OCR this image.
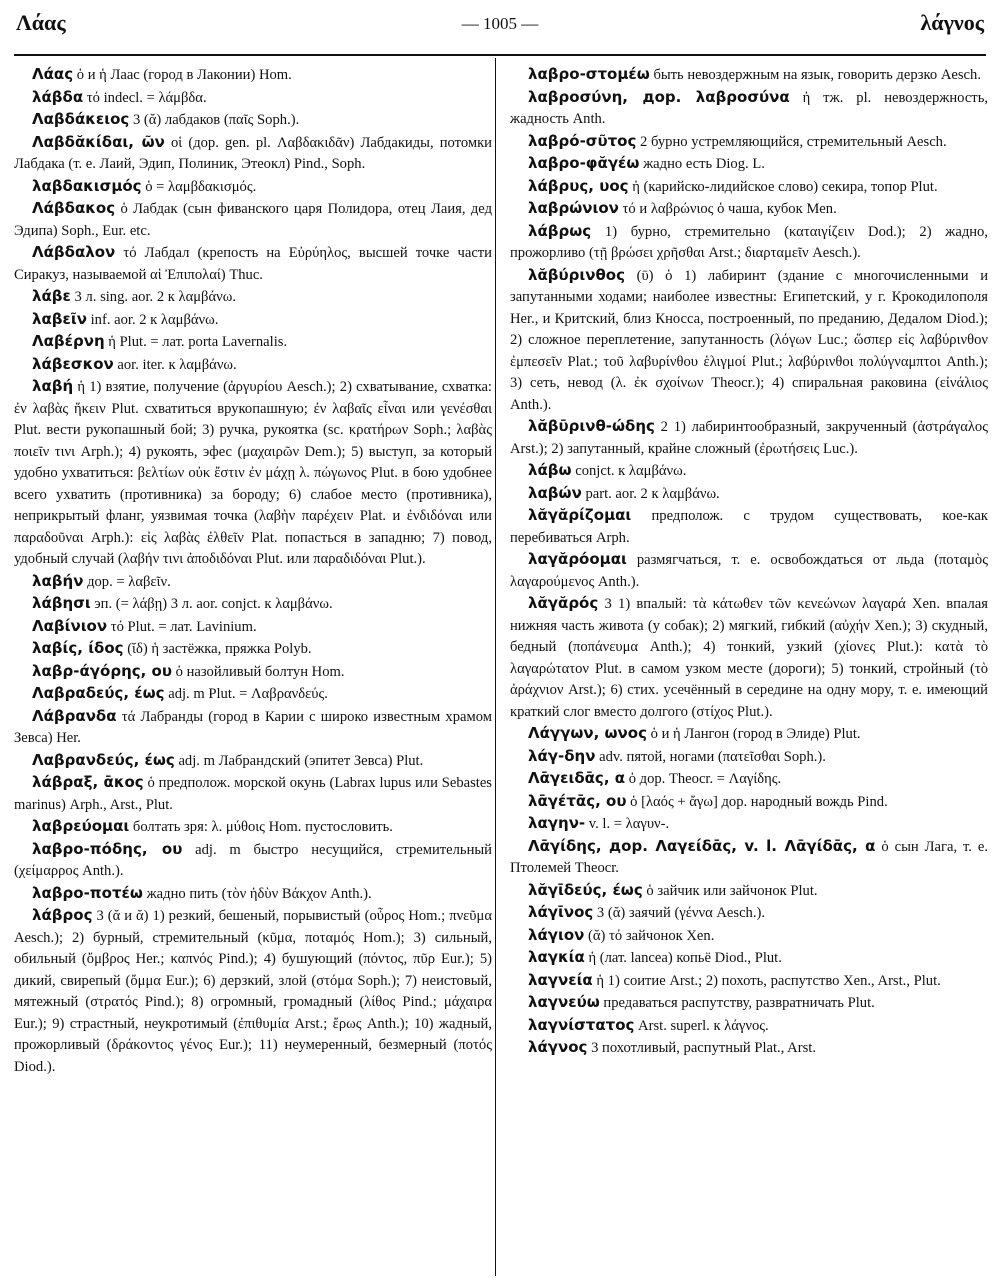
Λάας	— 1005 —	λάγνος

Λάας ὁ и ἡ Лаас (город в Лаконии) Hom.

λάβδα τό indecl. = λάμβδα.

Λαβδάκειος 3 (ᾰ) лабдаков (παῖς Soph.).

Λαβδᾰκίδαι, ῶν οἱ (дор. gen. pl. Λαβδακιδᾶν) Лабдакиды, потомки Лабдака (т. е. Лаий, Эдип, Полиник, Этеокл) Pind., Soph.

λαβδακισμός ὁ = λαμβδακισμός.

Λάβδακος ὁ Лабдак (сын фиванского царя Полидора, отец Лаия, дед Эдипа) Soph., Eur. etc.

Λάβδαλον τό Лабдал (крепость на Εὐρύηλος, высшей точке части Сиракуз, называемой αἱ Ἐπιπολαί) Thuc.

λάβε 3 л. sing. aor. 2 к λαμβάνω.

λαβεῖν inf. aor. 2 к λαμβάνω.

Λαβέρνη ἡ Plut. = лат. porta Lavernalis.

λάβεσκον aor. iter. к λαμβάνω.

λαβή ἡ 1) взятие, получение (ἀργυρίου Aesch.); 2) схватывание, схватка: ἐν λαβὰς ἥκειν Plut. схватиться врукопашную; ἐν λαβαῖς εἶναι или γενέσθαι Plut. вести рукопашный бой; 3) ручка, рукоятка (sc. κρατήρων Soph.; λαβὰς ποιεῖν τινι Arph.); 4) рукоять, эфес (μαχαιρῶν Dem.); 5) выступ, за который удобно ухватиться: βελτίων οὐκ ἔστιν ἐν μάχῃ λ. πώγωνος Plut. в бою удобнее всего ухватить (противника) за бороду; 6) слабое место (противника), неприкрытый фланг, уязвимая точка (λαβὴν παρέχειν Plat. и ἐνδιδόναι или παραδοῦναι Arph.): εἰς λαβὰς ἐλθεῖν Plat. попасться в западню; 7) повод, удобный случай (λαβήν τινι ἀποδιδόναι Plut. или παραδιδόναι Plut.).

λαβήν дор. = λαβεῖν.

λάβησι эп. (= λάβῃ) 3 л. aor. conjct. к λαμβάνω.

Λαβίνιον τό Plut. = лат. Lavinium.

λαβίς, ίδος (ῐδ) ἡ застёжка, пряжка Polyb.

λαβρ-άγόρης, ου ὁ назойливый болтун Hom.

Λαβραδεύς, έως adj. m Plut. = Λαβρανδεύς.

Λάβρανδα τά Лабранды (город в Карии с широко известным храмом Зевса) Her.

Λαβρανδεύς, έως adj. m Лабрандский (эпитет Зевса) Plut.

λάβραξ, ᾱκος ὁ предполож. морской окунь (Labrax lupus или Sebastes marinus) Arph., Arst., Plut.

λαβρεύομαι болтать зря: λ. μύθοις Hom. пустословить.

λαβρο-πόδης, ου adj. m быстро несущийся, стремительный (χείμαρρος Anth.).

λαβρο-ποτέω жадно пить (τὸν ἡδὺν Βάκχον Anth.).

λάβρος 3 (ᾰ и ᾰ) 1) резкий, бешеный, порывистый (οὖρος Hom.; πνεῦμα Aesch.); 2) бурный, стремительный (κῦμα, ποταμός Hom.); 3) сильный, обильный (ὄμβρος Her.; καπνός Pind.); 4) бушующий (πόντος, πῦρ Eur.); 5) дикий, свирепый (ὄμμα Eur.); 6) дерзкий, злой (στόμα Soph.); 7) неистовый, мятежный (στρατός Pind.); 8) огромный, громадный (λίθος Pind.; μάχαιρα Eur.); 9) страстный, неукротимый (ἐπιθυμία Arst.; ἔρως Anth.); 10) жадный, прожорливый (δράκοντος γένος Eur.); 11) неумеренный, безмерный (ποτός Diod.).

λαβρο-στομέω быть невоздержным на язык, говорить дерзко Aesch.

λαβροσύνη, дор. λαβροσύνα ἡ тж. pl. невоздержность, жадность Anth.

λαβρό-σῦτος 2 бурно устремляющийся, стремительный Aesch.

λαβρο-φᾰγέω жадно есть Diog. L.

λάβρυς, υος ἡ (карийско-лидийское слово) секира, топор Plut.

λαβρώνιον τό и λαβρώνιος ὁ чаша, кубок Men.

λάβρως 1) бурно, стремительно (καταιγίζειν Dod.); 2) жадно, прожорливо (τῇ βρώσει χρῆσθαι Arst.; διαρταμεῖν Aesch.).

λᾰβύρινθος (ῡ) ὁ 1) лабиринт (здание с многочисленными и запутанными ходами; наиболее известны: Египетский, у г. Крокодилополя Her., и Критский, близ Кносса, построенный, по преданию, Дедалом Diod.); 2) сложное переплетение, запутанность (λόγων Luc.; ὥσπερ εἰς λαβύρινθον ἐμπεσεῖν Plat.; τοῦ λαβυρίνθου ἑλιγμοί Plut.; λαβύρινθοι πολύγναμπτοι Anth.); 3) сеть, невод (λ. ἐκ σχοίνων Theocr.); 4) спиральная раковина (εἰνάλιος Anth.).

λᾰβῡρινθ-ώδης 2 1) лабиринтообразный, закрученный (ἀστράγαλος Arst.); 2) запутанный, крайне сложный (ἐρωτήσεις Luc.).

λάβω conjct. к λαμβάνω.

λαβών part. aor. 2 к λαμβάνω.

λᾰγᾰρίζομαι предполож. с трудом существовать, кое-как перебиваться Arph.

λαγᾰρόομαι размягчаться, т. е. освобождаться от льда (ποταμὸς λαγαρούμενος Anth.).

λᾰγᾰρός 3 1) впалый: τὰ κάτωθεν τῶν κενεώνων λαγαρά Xen. впалая нижняя часть живота (у собак); 2) мягкий, гибкий (αὐχήν Xen.); 3) скудный, бедный (ποπάνευμα Anth.); 4) тонкий, узкий (χίονες Plut.): κατὰ τὸ λαγαρώτατον Plut. в самом узком месте (дороги); 5) тонкий, стройный (τὸ ἀράχνιον Arst.); 6) стих. усечённый в середине на одну мору, т. е. имеющий краткий слог вместо долгого (στίχος Plut.).

Λάγγων, ωνος ὁ и ἡ Лангон (город в Элиде) Plut.

λάγ-δην adv. пятой, ногами (πατεῖσθαι Soph.).

Λᾱγειδᾱς, α ὁ дор. Theocr. = Λαγίδης.

λᾱγέτᾱς, ου ὁ [λαός + ἄγω] дор. народный вождь Pind.

λαγην- v. l. = λαγυν-.

Λᾱγίδης, дор. Λαγείδᾱς, v. l. Λᾱγίδᾱς, α ὁ сын Лага, т. е. Птолемей Theocr.

λᾰγῑδεύς, έως ὁ зайчик или зайчонок Plut.

λάγῑνος 3 (ᾰ) заячий (γέννα Aesch.).

λάγιον (ᾰ) τό зайчонок Xen.

λαγκία ἡ (лат. lancea) копьё Diod., Plut.

λαγνεία ἡ 1) соитие Arst.; 2) похоть, распутство Xen., Arst., Plut.

λαγνεύω предаваться распутству, развратничать Plut.

λαγνίστατος Arst. superl. к λάγνος.

λάγνος 3 похотливый, распутный Plat., Arst.
